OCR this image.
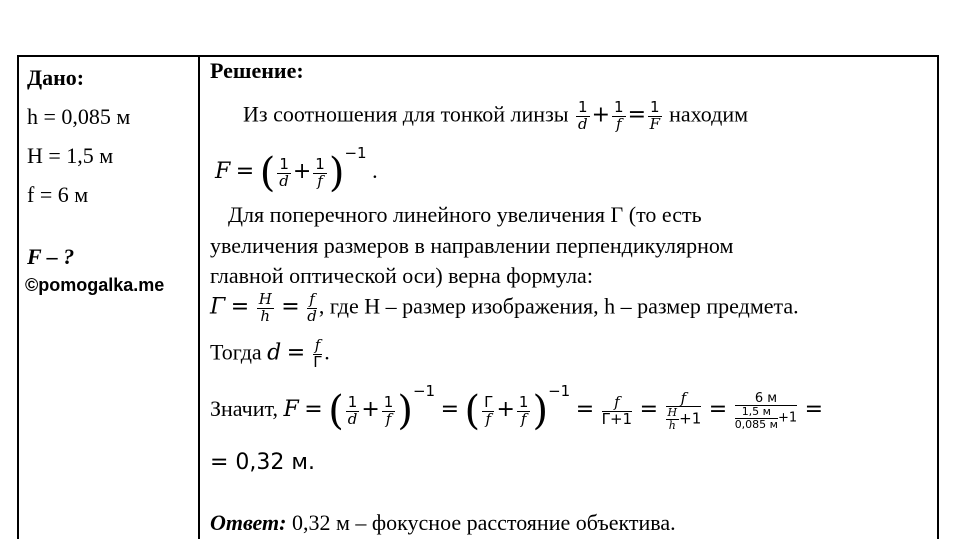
Дано:
h = 0,085 м
H = 1,5 м
f = 6 м
F – ?
©pomogalka.me
Решение:
Из соотношения для тонкой линзы $\frac{1}{d} + \frac{1}{f} = \frac{1}{F}$ находим
F = ( $\frac{1}{d} + \frac{1}{f} )^{-1}$ .
Для поперечного линейного увеличения Γ (то есть
увеличения размеров в направлении перпендикулярном
главной оптической оси) верна формула:
$\Gamma = \frac{H}{h} = \frac{f}{d}$ , где H – размер изображения, h – размер предмета.
Тогда $d = \frac{f}{\Gamma}$ .
Значит, F = ( $\frac{1}{d} + \frac{1}{f} )^{-1}$ = ( $\frac{\Gamma}{f} + \frac{1}{f} )^{-1} = \frac{f}{\Gamma+1} = \frac{f}{\frac{H}{h} +1} = \frac{6 м}{\frac{1,5 м}{0,085 м} +1}$ =
= 0,32 м.
Ответ: 0,32 м – фокусное расстояние объектива.
